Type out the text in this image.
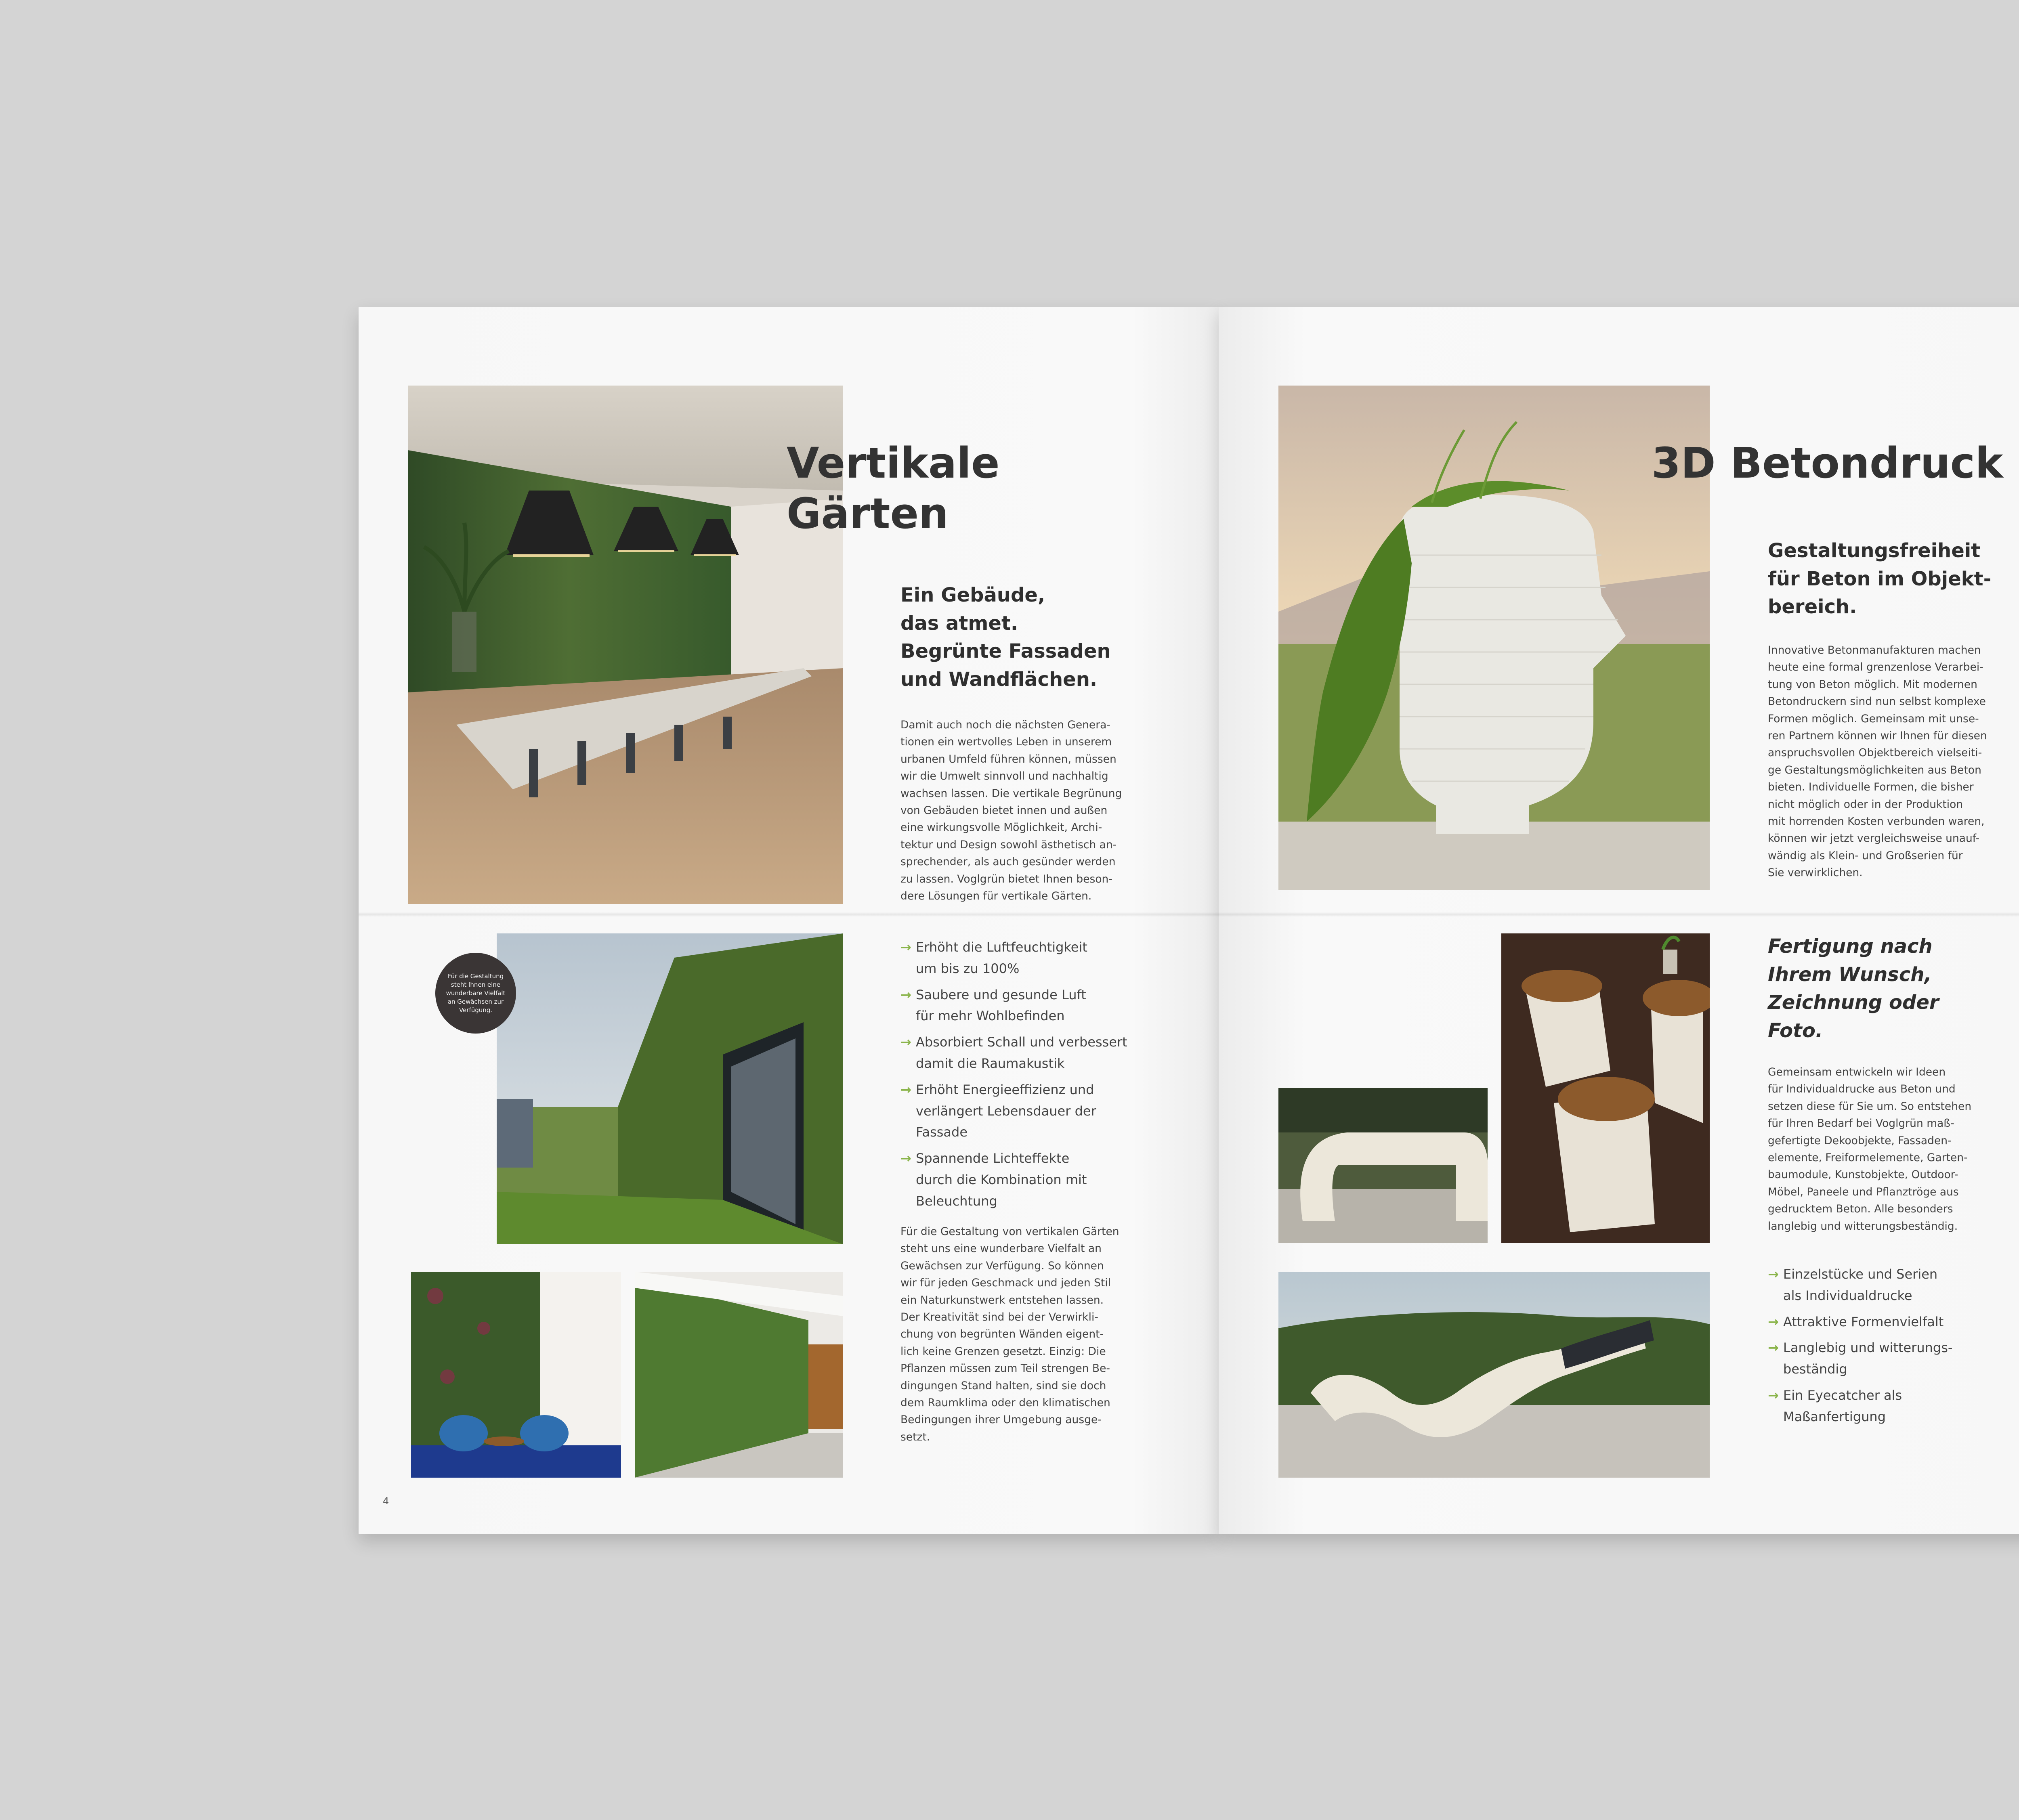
Vertikale
Gärten
Ein Gebäude,
das atmet.
Begrünte Fassaden
und Wandflächen.
Damit auch noch die nächsten Genera-
tionen ein wertvolles Leben in unserem
urbanen Umfeld führen können, müssen
wir die Umwelt sinnvoll und nachhaltig
wachsen lassen. Die vertikale Begrünung
von Gebäuden bietet innen und außen
eine wirkungsvolle Möglichkeit, Archi-
tektur und Design sowohl ästhetisch an-
sprechender, als auch gesünder werden
zu lassen. Voglgrün bietet Ihnen beson-
dere Lösungen für vertikale Gärten.
Für die Gestaltung
steht Ihnen eine
wunderbare Vielfalt
an Gewächsen zur
Verfügung.
→ Erhöht die Luftfeuchtigkeit
um bis zu 100%
→ Saubere und gesunde Luft
für mehr Wohlbefinden
→ Absorbiert Schall und verbessert
damit die Raumakustik
→ Erhöht Energieeffizienz und
verlängert Lebensdauer der
Fassade
→ Spannende Lichteffekte
durch die Kombination mit
Beleuchtung
Für die Gestaltung von vertikalen Gärten
steht uns eine wunderbare Vielfalt an
Gewächsen zur Verfügung. So können
wir für jeden Geschmack und jeden Stil
ein Naturkunstwerk entstehen lassen.
Der Kreativität sind bei der Verwirkli-
chung von begrünten Wänden eigent-
lich keine Grenzen gesetzt. Einzig: Die
Pflanzen müssen zum Teil strengen Be-
dingungen Stand halten, sind sie doch
dem Raumklima oder den klimatischen
Bedingungen ihrer Umgebung ausge-
setzt.
4
3D Betondruck
Gestaltungsfreiheit
für Beton im Objekt-
bereich.
Innovative Betonmanufakturen machen
heute eine formal grenzenlose Verarbei-
tung von Beton möglich. Mit modernen
Betondruckern sind nun selbst komplexe
Formen möglich. Gemeinsam mit unse-
ren Partnern können wir Ihnen für diesen
anspruchsvollen Objektbereich vielseiti-
ge Gestaltungsmöglichkeiten aus Beton
bieten. Individuelle Formen, die bisher
nicht möglich oder in der Produktion
mit horrenden Kosten verbunden waren,
können wir jetzt vergleichsweise unauf-
wändig als Klein- und Großserien für
Sie verwirklichen.
Fertigung nach
Ihrem Wunsch,
Zeichnung oder
Foto.
Gemeinsam entwickeln wir Ideen
für Individualdrucke aus Beton und
setzen diese für Sie um. So entstehen
für Ihren Bedarf bei Voglgrün maß-
gefertigte Dekoobjekte, Fassaden-
elemente, Freiformelemente, Garten-
baumodule, Kunstobjekte, Outdoor-
Möbel, Paneele und Pflanztröge aus
gedrucktem Beton. Alle besonders
langlebig und witterungsbeständig.
→ Einzelstücke und Serien
als Individualdrucke
→ Attraktive Formenvielfalt
→ Langlebig und witterungs-
beständig
→ Ein Eyecatcher als
Maßanfertigung
